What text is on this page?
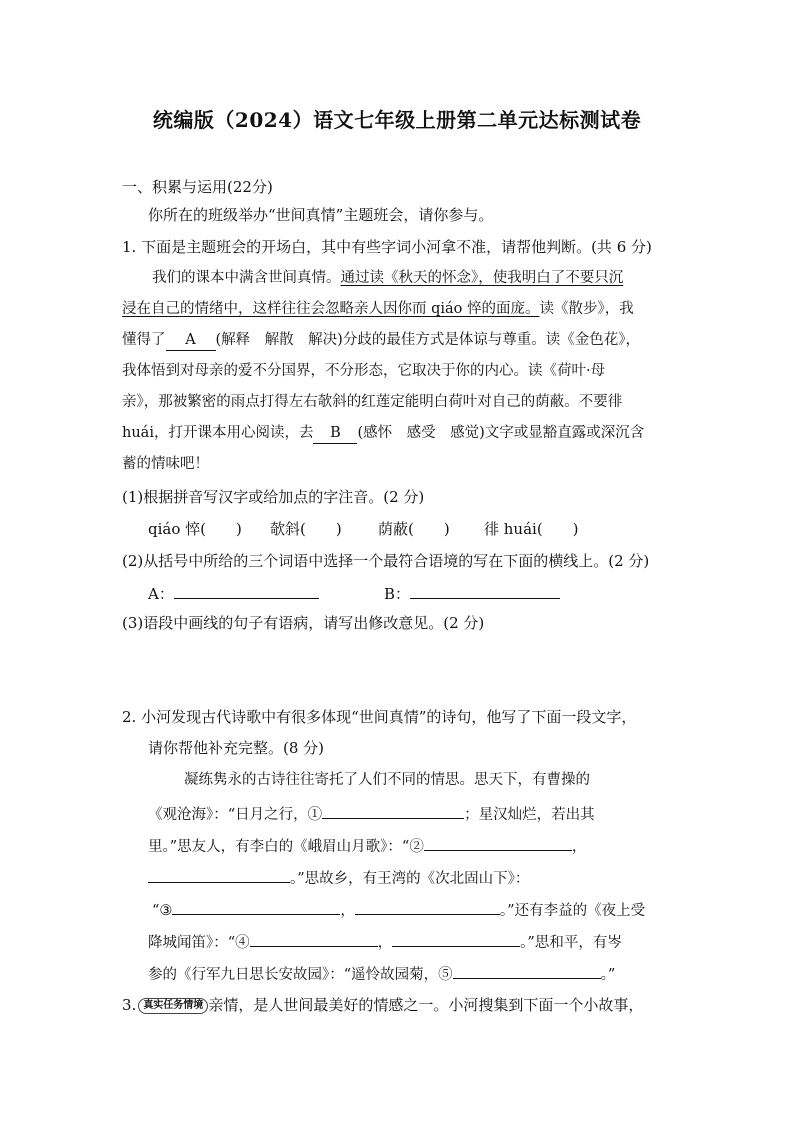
统编版（2024）语文七年级上册第二单元达标测试卷
一、积累与运用(22分)
你所在的班级举办“世间真情”主题班会，请你参与。
1. 下面是主题班会的开场白，其中有些字词小河拿不准，请帮他判断。(共 6 分)
我们的课本中满含世间真情。通过读《秋天的怀念》，使我明白了不要只沉
浸在自己的情绪中，这样往往会忽略亲人因你而 qiáo 悴的面庞。读《散步》，我
懂得了 A (解释　解散　解决)分歧的最佳方式是体谅与尊重。读《金色花》，
我体悟到对母亲的爱不分国界，不分形态，它取决于你的内心。读《荷叶·母
亲》，那被繁密的雨点打得左右欹斜的红莲定能明白荷叶对自己的荫蔽。不要徘
huái，打开课本用心阅读，去 B (感怀　感受　感觉)文字或显豁直露或深沉含
蓄的情味吧！
(1)根据拼音写汉字或给加点的字注音。(2 分)
qiáo 悴(　　) 欹斜(　　) 荫蔽(　　) 徘 huái(　　)
(2)从括号中所给的三个词语中选择一个最符合语境的写在下面的横线上。(2 分)
A：	B：
(3)语段中画线的句子有语病，请写出修改意见。(2 分)
2. 小河发现古代诗歌中有很多体现“世间真情”的诗句，他写了下面一段文字，
请你帮他补充完整。(8 分)
凝练隽永的古诗往往寄托了人们不同的情思。思天下，有曹操的
《观沧海》：“日月之行，①	；星汉灿烂，若出其
里。”思友人，有李白的《峨眉山月歌》：“②	，
。”思故乡，有王湾的《次北固山下》：
“③	，	。”还有李益的《夜上受
降城闻笛》：“④	，	。”思和平，有岑
参的《行军九日思长安故园》：“遥怜故园菊，⑤	。”
3. 真实任务情境 亲情，是人世间最美好的情感之一。小河搜集到下面一个小故事，
